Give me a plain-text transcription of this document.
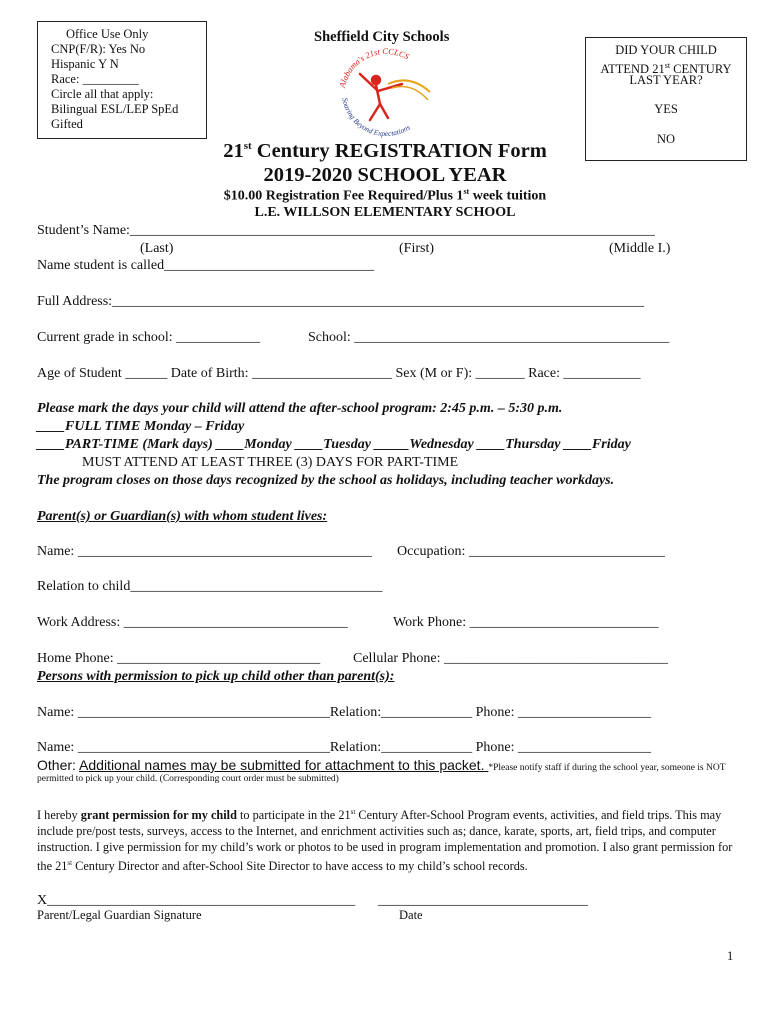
Office Use Only
CNP(F/R): Yes No
Hispanic Y N
Race: _________
Circle all that apply:
Bilingual ESL/LEP SpEd
Gifted
Sheffield City Schools
Alabama's 21st CCLCS
Soaring Beyond Expectations
DID YOUR CHILD
ATTEND 21st CENTURY
LAST YEAR?
YES
NO
21st Century REGISTRATION Form
2019-2020 SCHOOL YEAR
$10.00 Registration Fee Required/Plus 1st week tuition
L.E. WILLSON ELEMENTARY SCHOOL
Student’s Name:___________________________________________________________________________
(Last)	(First)	(Middle I.)
Name student is called______________________________
Full Address:____________________________________________________________________________
Current grade in school: ____________	School: _____________________________________________
Age of Student ______ Date of Birth: ____________________ Sex (M or F): _______ Race: ___________
Please mark the days your child will attend the after-school program: 2:45 p.m. – 5:30 p.m.
____FULL TIME Monday – Friday
____PART-TIME (Mark days) ____Monday ____Tuesday _____Wednesday ____Thursday ____Friday
MUST ATTEND AT LEAST THREE (3) DAYS FOR PART-TIME
The program closes on those days recognized by the school as holidays, including teacher workdays.
Parent(s) or Guardian(s) with whom student lives:
Name: __________________________________________ Occupation: ____________________________
Relation to child____________________________________
Work Address: ________________________________	Work Phone: ___________________________
Home Phone: _____________________________ Cellular Phone: ________________________________
Persons with permission to pick up child other than parent(s):
Name: ____________________________________Relation:_____________ Phone: ___________________
Name: ____________________________________Relation:_____________ Phone: ___________________
Other: Additional names may be submitted for attachment to this packet. *Please notify staff if during the school year, someone is NOT
permitted to pick up your child. (Corresponding court order must be submitted)
I hereby grant permission for my child to participate in the 21st Century After-School Program events, activities, and field trips. This may include pre/post tests, surveys, access to the Internet, and enrichment activities such as; dance, karate, sports, art, field trips, and computer instruction. I give permission for my child’s work or photos to be used in program implementation and promotion. I also grant permission for the 21st Century Director and after-School Site Director to have access to my child’s school records.
X____________________________________________ ______________________________
Parent/Legal Guardian Signature	Date
1
